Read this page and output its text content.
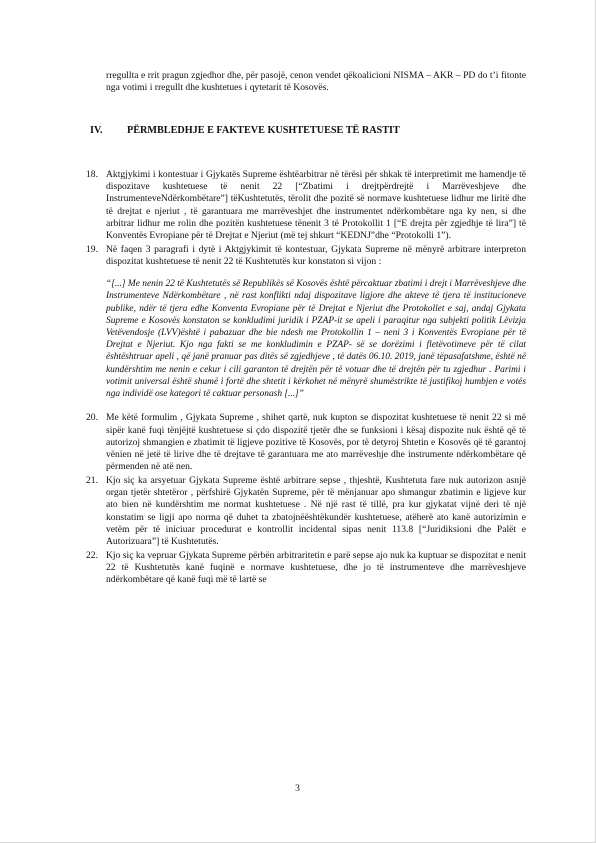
rregullta e rrit pragun zgjedhor dhe, për pasojë, cenon vendet qëkoalicioni NISMA – AKR – PD do t’i fitonte nga votimi i rregullt dhe kushtetues i qytetarit të Kosovës.
IV.	PËRMBLEDHJE E FAKTEVE KUSHTETUESE TË RASTIT
18. Aktgjykimi i kontestuar i Gjykatës Supreme ështëarbitrar në tërësi për shkak të interpretimit me hamendje të dispozitave kushtetuese të nenit 22 [“Zbatimi i drejtpërdrejtë i Marrëveshjeve dhe InstrumenteveNdërkombëtare”] tëKushtetutës, tërolit dhe pozitë së normave kushtetuese lidhur me liritë dhe të drejtat e njeriut , të garantuara me marrëveshjet dhe instrumentet ndërkombëtare nga ky nen, si dhe arbitrar lidhur me rolin dhe pozitën kushtetuese tënenit 3 të Protokollit 1 [“E drejta për zgjedhje të lira”] të Konventës Evropiane për të Drejtat e Njeriut (më tej shkurt “KEDNJ”dhe “Protokolli 1”).
19. Në faqen 3 paragrafi i dytë i Aktgjykimit të kontestuar, Gjykata Supreme në mënyrë arbitrare interpreton dispozitat kushtetuese të nenit 22 të Kushtetutës kur konstaton si vijon :
“[...] Me nenin 22 të Kushtetutës së Republikës së Kosovës është përcaktuar zbatimi i drejt i Marrëveshjeve dhe Instrumenteve Ndërkombëtare , në rast konflikti ndaj dispozitave ligjore dhe akteve të tjera të institucioneve publike, ndër të tjera edhe Konventa Evropiane për të Drejtat e Njeriut dhe Protokollet e saj, andaj Gjykata Supreme e Kosovës konstaton se konkludimi juridik i PZAP-it se apeli i paraqitur nga subjekti politik Lëvizja Vetëvendosje (LVV)është i pabazuar dhe bie ndesh me Protokollin 1 – neni 3 i Konventës Evropiane për të Drejtat e Njeriut. Kjo nga fakti se me konkludimin e PZAP- së se dorëzimi i fletëvotimeve për të cilat ështështruar apeli , që janë pranuar pas ditës së zgjedhjeve , të datës 06.10. 2019, janë tëpasafatshme, është në kundërshtim me nenin e cekur i cili garanton të drejtën për të votuar dhe të drejtën për tu zgjedhur . Parimi i votimit universal është shumë i fortë dhe shtetit i kërkohet në mënyrë shumëstrikte të justifikoj humbjen e votës nga individë ose kategori të caktuar personash [...]”
20. Me këtë formulim , Gjykata Supreme , shihet qartë, nuk kupton se dispozitat kushtetuese të nenit 22 si më sipër kanë fuqi tënjëjtë kushtetuese si çdo dispozitë tjetër dhe se funksioni i kësaj dispozite nuk është që të autorizoj shmangien e zbatimit të ligjeve pozitive të Kosovës, por të detyroj Shtetin e Kosovës që të garantoj vënien në jetë të lirive dhe të drejtave të garantuara me ato marrëveshje dhe instrumente ndërkombëtare që përmenden në atë nen.
21. Kjo siç ka arsyetuar Gjykata Supreme është arbitrare sepse , thjeshtë, Kushtetuta fare nuk autorizon asnjë organ tjetër shtetëror , përfshirë Gjykatën Supreme, për të mënjanuar apo shmangur zbatimin e ligjeve kur ato bien në kundërshtim me normat kushtetuese . Në një rast të tillë, pra kur gjykatat vijnë deri të një konstatim se ligji apo norma që duhet ta zbatojnëështëkundër kushtetuese, atëherë ato kanë autorizimin e vetëm për të iniciuar procedurat e kontrollit incidental sipas nenit 113.8 [“Juridiksioni dhe Palët e Autorizuara”] të Kushtetutës.
22. Kjo siç ka vepruar Gjykata Supreme përbën arbitraritetin e parë sepse ajo nuk ka kuptuar se dispozitat e nenit 22 të Kushtetutës kanë fuqinë e normave kushtetuese, dhe jo të instrumenteve dhe marrëveshjeve ndërkombëtare që kanë fuqi më të lartë se
3
